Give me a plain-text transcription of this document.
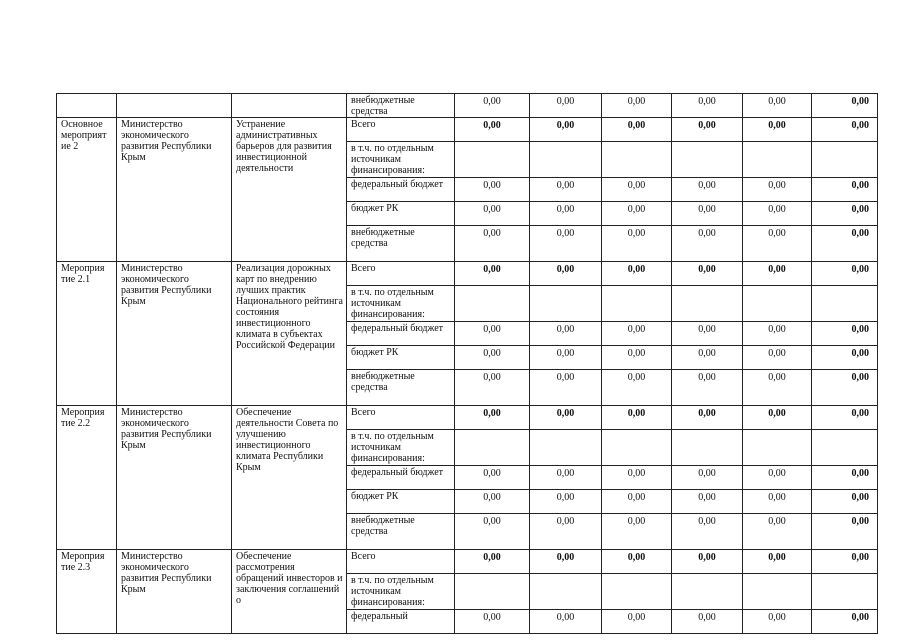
			внебюджетные средства	0,00	0,00	0,00	0,00	0,00	0,00
Основное мероприят ие 2	Министерство экономического развития Республики Крым	Устранение административных барьеров для развития инвестиционной деятельности	Всего	0,00	0,00	0,00	0,00	0,00	0,00
			в т.ч. по отдельным источникам финансирования:						
			федеральный бюджет	0,00	0,00	0,00	0,00	0,00	0,00
			бюджет РК	0,00	0,00	0,00	0,00	0,00	0,00
			внебюджетные средства	0,00	0,00	0,00	0,00	0,00	0,00
Мероприя тие 2.1	Министерство экономического развития Республики Крым	Реализация дорожных карт по внедрению лучших практик Национального рейтинга состояния инвестиционного климата в субъектах Российской Федерации	Всего	0,00	0,00	0,00	0,00	0,00	0,00
			в т.ч. по отдельным источникам финансирования:						
			федеральный бюджет	0,00	0,00	0,00	0,00	0,00	0,00
			бюджет РК	0,00	0,00	0,00	0,00	0,00	0,00
			внебюджетные средства	0,00	0,00	0,00	0,00	0,00	0,00
Мероприя тие 2.2	Министерство экономического развития Республики Крым	Обеспечение деятельности Совета по улучшению инвестиционного климата Республики Крым	Всего	0,00	0,00	0,00	0,00	0,00	0,00
			в т.ч. по отдельным источникам финансирования:						
			федеральный бюджет	0,00	0,00	0,00	0,00	0,00	0,00
			бюджет РК	0,00	0,00	0,00	0,00	0,00	0,00
			внебюджетные средства	0,00	0,00	0,00	0,00	0,00	0,00
Мероприя тие 2.3	Министерство экономического развития Республики Крым	Обеспечение рассмотрения обращений инвесторов и заключения соглашений о	Всего	0,00	0,00	0,00	0,00	0,00	0,00
			в т.ч. по отдельным источникам финансирования:						
			федеральный	0,00	0,00	0,00	0,00	0,00	0,00
